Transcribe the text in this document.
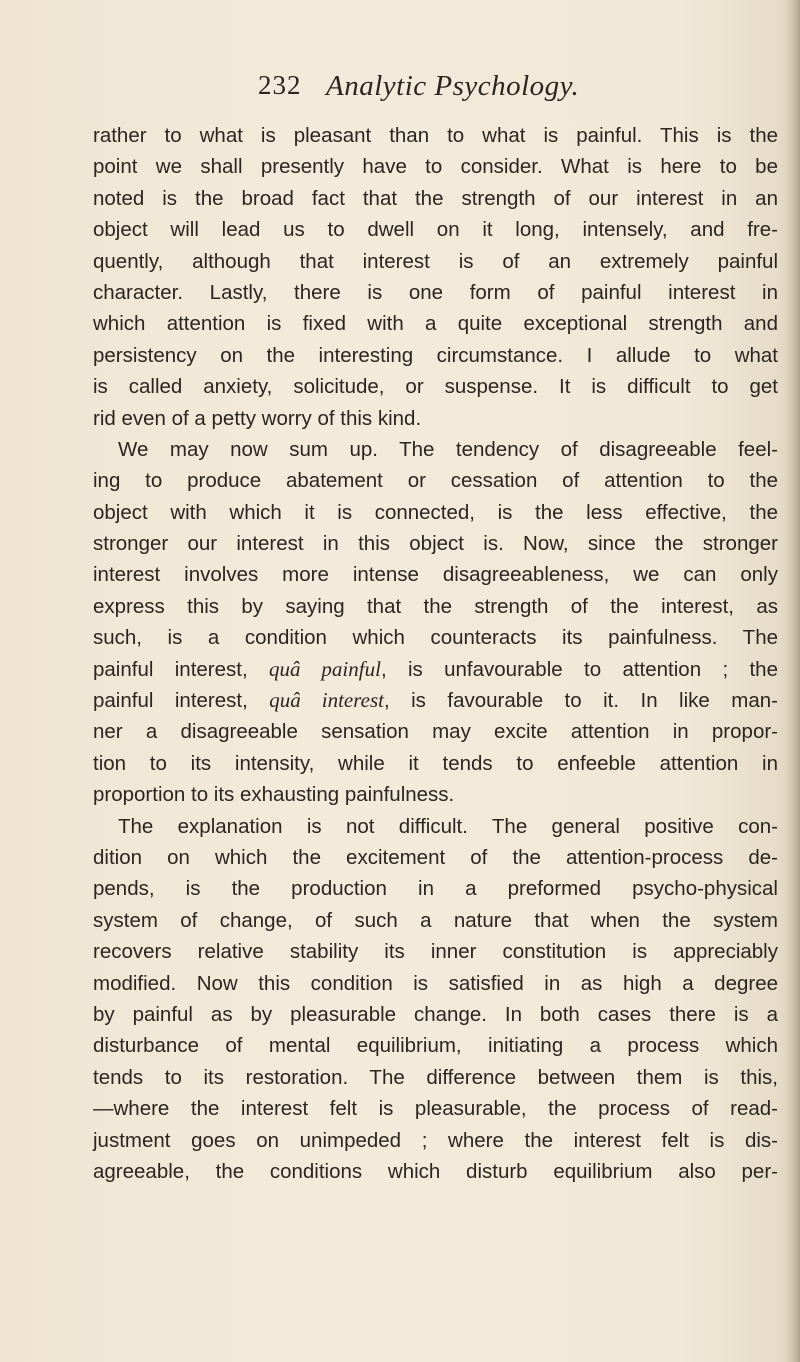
232 Analytic Psychology.
rather to what is pleasant than to what is painful. This is the
point we shall presently have to consider. What is here to be
noted is the broad fact that the strength of our interest in an
object will lead us to dwell on it long, intensely, and fre-
quently, although that interest is of an extremely painful
character. Lastly, there is one form of painful interest in
which attention is fixed with a quite exceptional strength and
persistency on the interesting circumstance. I allude to what
is called anxiety, solicitude, or suspense. It is difficult to get
rid even of a petty worry of this kind.
We may now sum up. The tendency of disagreeable feel-
ing to produce abatement or cessation of attention to the
object with which it is connected, is the less effective, the
stronger our interest in this object is. Now, since the stronger
interest involves more intense disagreeableness, we can only
express this by saying that the strength of the interest, as
such, is a condition which counteracts its painfulness. The
painful interest, quâ painful, is unfavourable to attention ; the
painful interest, quâ interest, is favourable to it. In like man-
ner a disagreeable sensation may excite attention in propor-
tion to its intensity, while it tends to enfeeble attention in
proportion to its exhausting painfulness.
The explanation is not difficult. The general positive con-
dition on which the excitement of the attention-process de-
pends, is the production in a preformed psycho-physical
system of change, of such a nature that when the system
recovers relative stability its inner constitution is appreciably
modified. Now this condition is satisfied in as high a degree
by painful as by pleasurable change. In both cases there is a
disturbance of mental equilibrium, initiating a process which
tends to its restoration. The difference between them is this,
—where the interest felt is pleasurable, the process of read-
justment goes on unimpeded ; where the interest felt is dis-
agreeable, the conditions which disturb equilibrium also per-
